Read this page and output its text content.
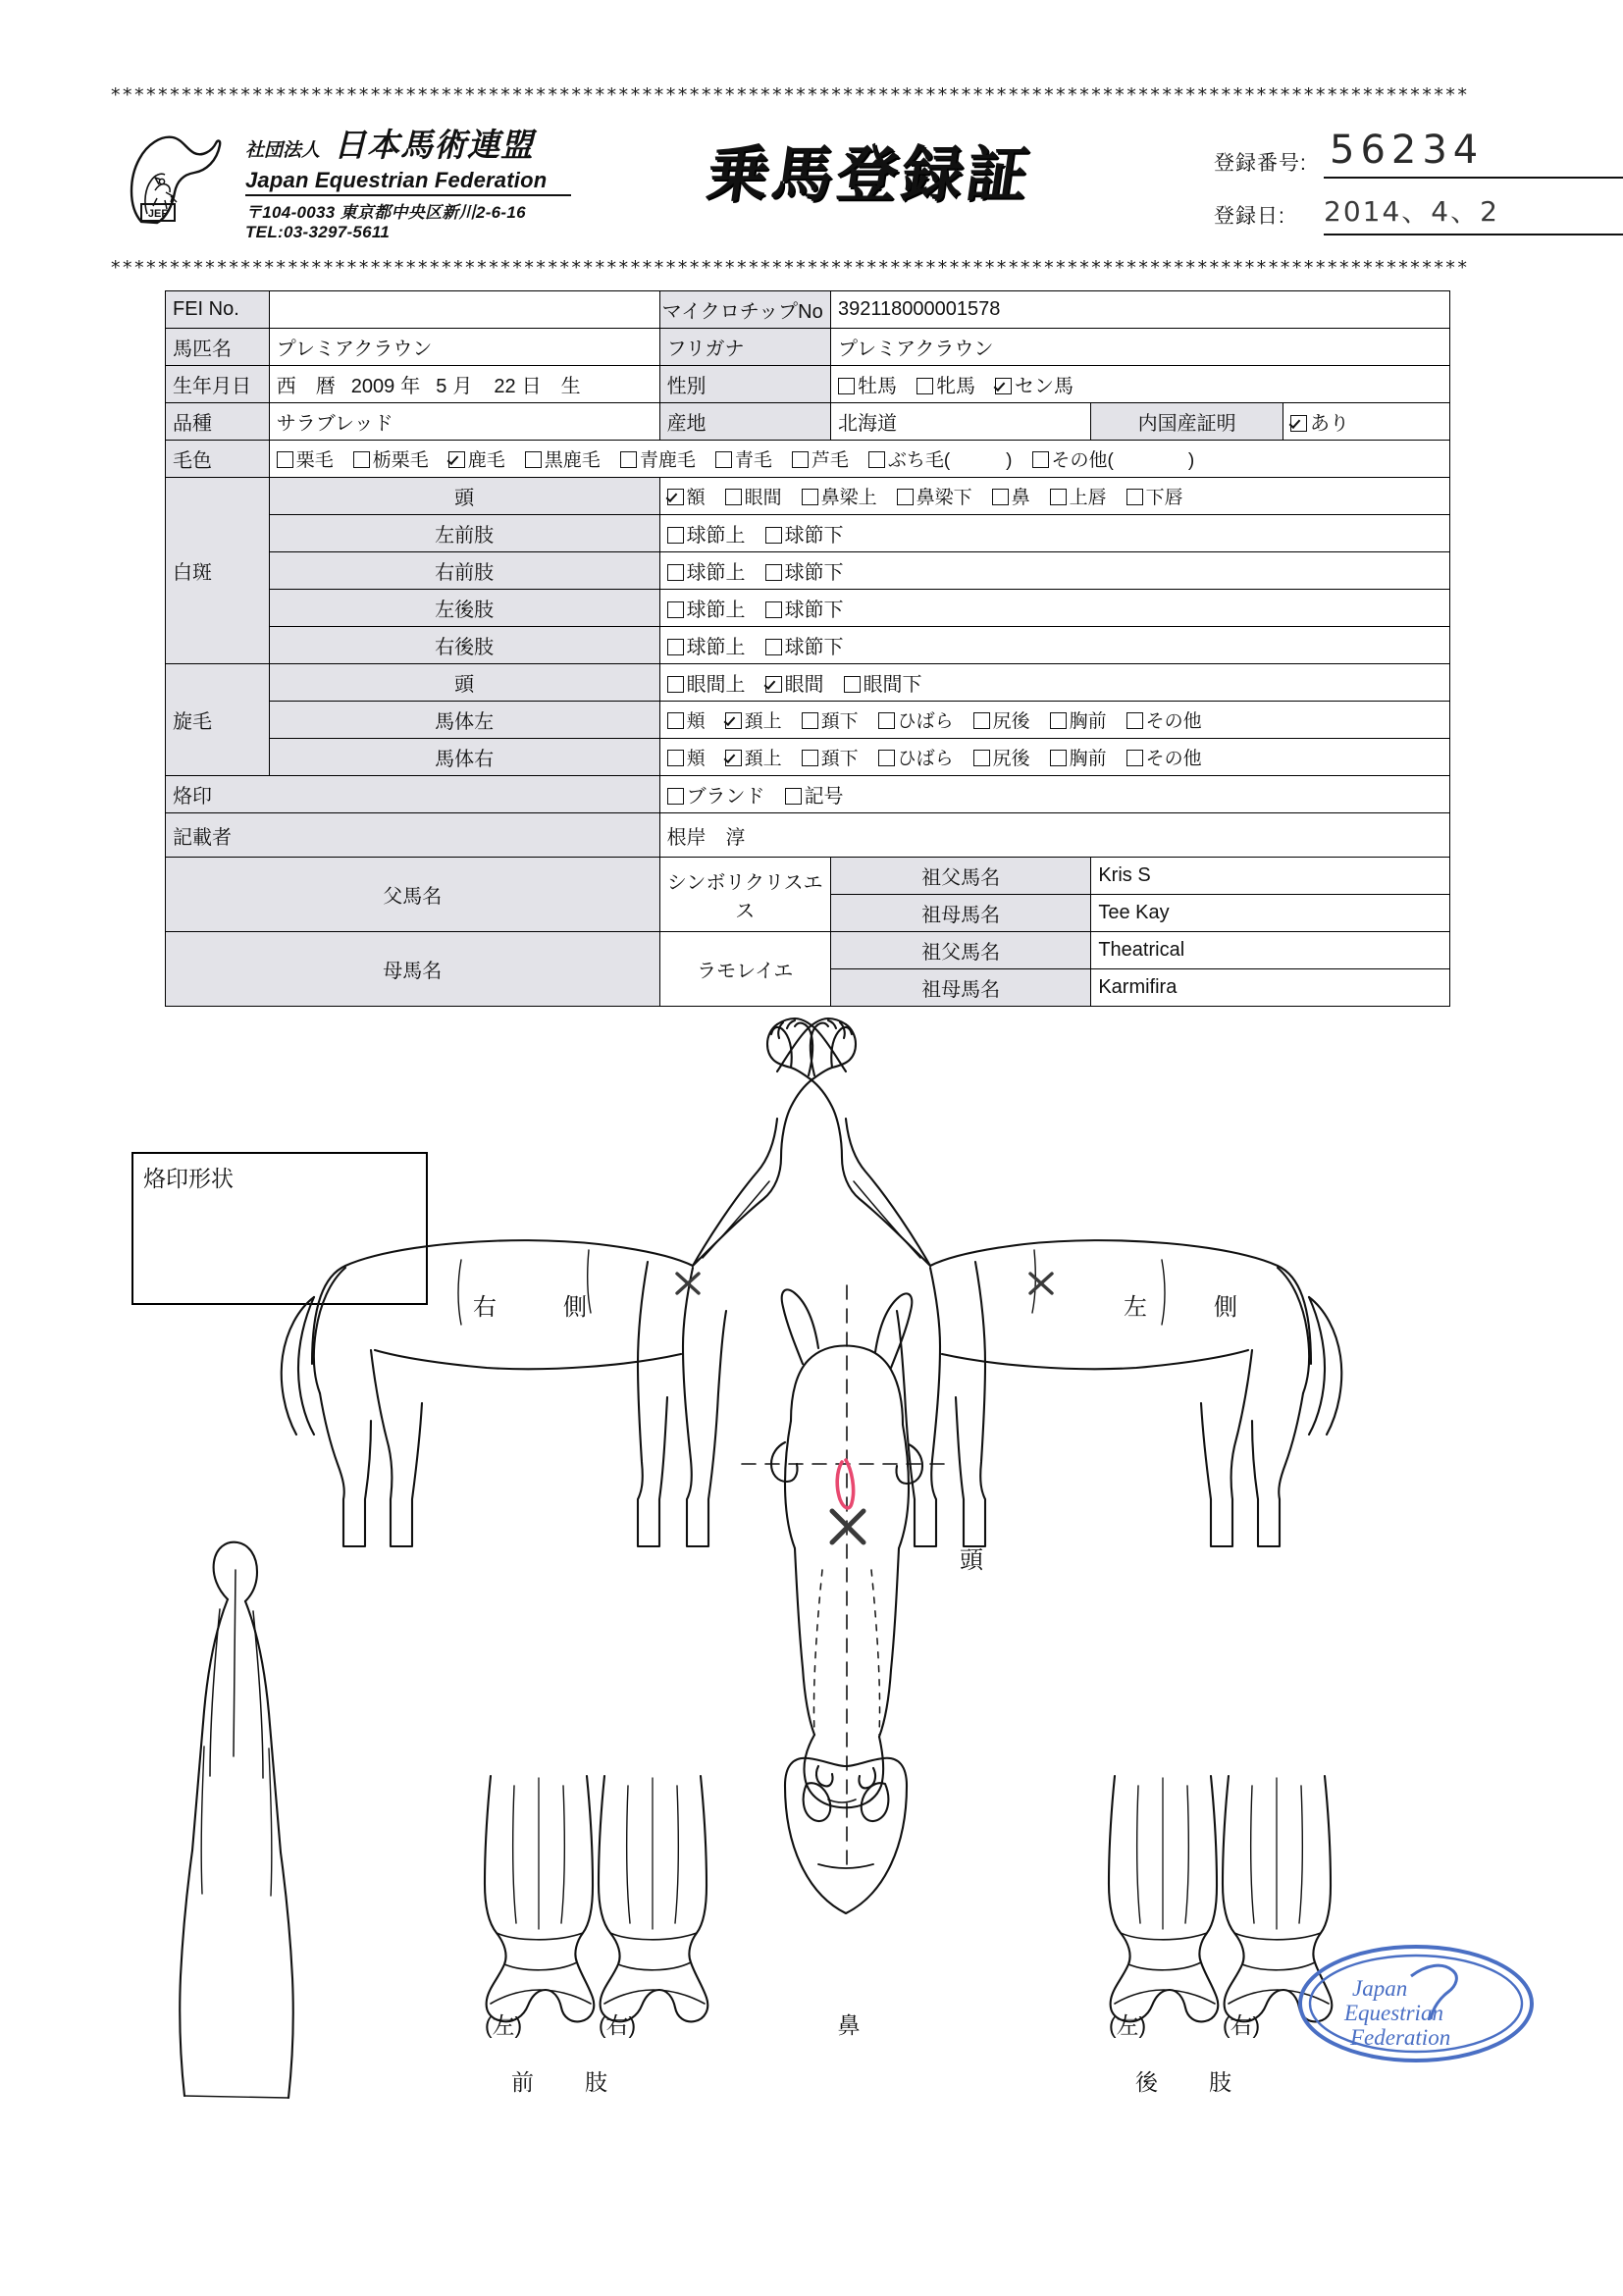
*******************************************************************************************************************
*******************************************************************************************************************
JEF
社団法人 日本馬術連盟
Japan Equestrian Federation
〒104-0033 東京都中央区新川2-6-16
TEL:03-3297-5611
乗馬登録証	登録番号: 56234
登録日: 2014、4、2
FEI No.		マイクロチップNo	392118000001578		
馬匹名	プレミアクラウン	フリガナ	プレミアクラウン		
生年月日	西　暦 2009 年 5 月 22 日　生	性別	牡馬 牝馬 セン馬		
品種	サラブレッド	産地	北海道	内国産証明	あり
毛色	栗毛 栃栗毛 鹿毛 黒鹿毛 青鹿毛 青毛 芦毛 ぶち毛(　　　) その他(　　　　)				
白斑	頭	額 眼間 鼻梁上 鼻梁下 鼻 上唇 下唇			
	左前肢	球節上 球節下			
	右前肢	球節上 球節下			
	左後肢	球節上 球節下			
	右後肢	球節上 球節下			
旋毛	頭	眼間上 眼間 眼間下			
	馬体左	頬 頚上 頚下 ひばら 尻後 胸前 その他			
	馬体右	頬 頚上 頚下 ひばら 尻後 胸前 その他			
烙印		ブランド 記号			
記載者		根岸　淳			
父馬名		シンボリクリスエス	祖父馬名	Kris S	
			祖母馬名	Tee Kay	
母馬名		ラモレイエ	祖父馬名	Theatrical	
			祖母馬名	Karmifira	
烙印形状
右　側	左　側
頭
(左)	(右)
前　　肢
鼻	(左)	(右)
後　　肢
Japan
Equestrian
Federation
